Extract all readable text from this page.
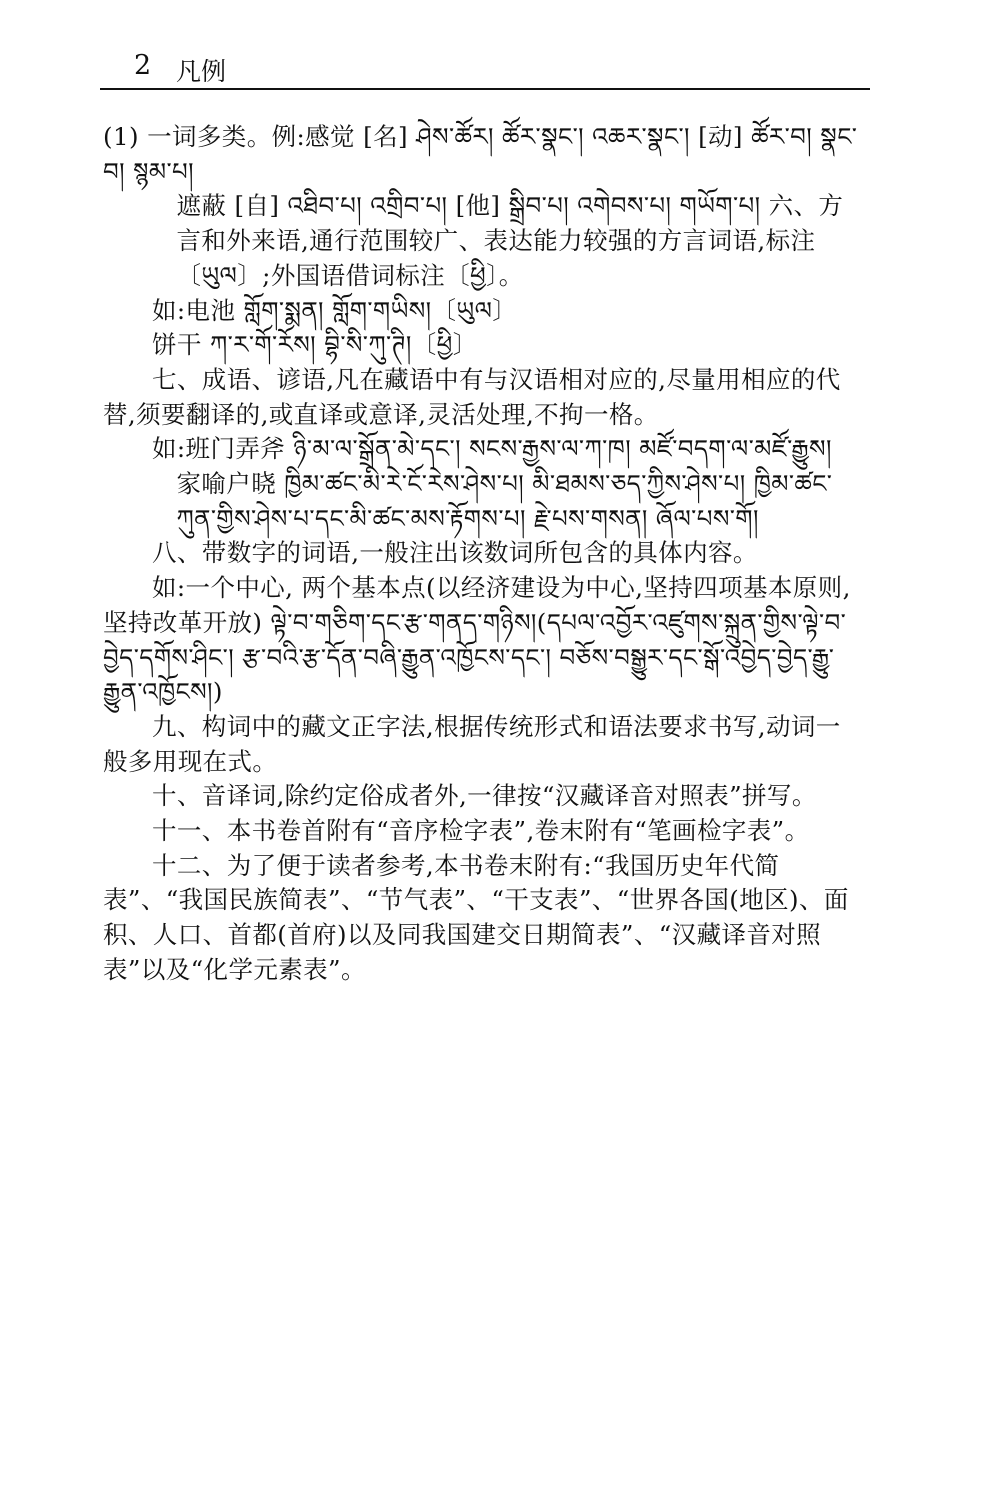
2 凡例

(1) 一词多类。例:感觉 [名] ཤེས་ཚོར། ཚོར་སྣང་། འཆར་སྣང་། [动] ཚོར་བ། སྣང་བ། སྙམ་པ།

遮蔽 [自] འཐིབ་པ། འགྲིབ་པ། [他] སྒྲིབ་པ། འགེབས་པ། གཡོག་པ། 六、方言和外来语,通行范围较广、表达能力较强的方言词语,标注〔ཡུལ〕;外国语借词标注〔ཕྱི〕。

如:电池 གློག་སྨན། གློག་གཡིས།〔ཡུལ〕

饼干 ཀ་ར་གོ་རོས། བྷི་སི་ཀུ་ཊི།〔ཕྱི〕

七、成语、谚语,凡在藏语中有与汉语相对应的,尽量用相应的代替,须要翻译的,或直译或意译,灵活处理,不拘一格。

如:班门弄斧 ཉི་མ་ལ་སྒྲོན་མེ་དང་། སངས་རྒྱས་ལ་ཀ་ཁ། མཛོ་བདག་ལ་མཛོ་རྒྱུས།

家喻户晓 ཁྱིམ་ཚང་མི་རེ་ངོ་རེས་ཤེས་པ། མི་ཐམས་ཅད་ཀྱིས་ཤེས་པ། ཁྱིམ་ཚང་ཀུན་གྱིས་ཤེས་པ་དང་མི་ཚང་མས་རྟོགས་པ། རྗེ་པས་གསན། ཞོལ་པས་གོ།

八、带数字的词语,一般注出该数词所包含的具体内容。

如:一个中心, 两个基本点(以经济建设为中心,坚持四项基本原则, 坚持改革开放) ལྟེ་བ་གཅིག་དང་རྩ་གནད་གཉིས།(དཔལ་འབྱོར་འཛུགས་སྐྲུན་གྱིས་ལྟེ་བ་བྱེད་དགོས་ཤིང་། རྩ་བའི་རྩ་དོན་བཞི་རྒྱུན་འཁྱོངས་དང་། བཅོས་བསྒྱུར་དང་སྒོ་འབྱེད་བྱེད་རྒྱུ་རྒྱུན་འཁྱོངས།)

九、构词中的藏文正字法,根据传统形式和语法要求书写,动词一般多用现在式。

十、音译词,除约定俗成者外,一律按“汉藏译音对照表”拼写。

十一、本书卷首附有“音序检字表”,卷末附有“笔画检字表”。

十二、为了便于读者参考,本书卷末附有:“我国历史年代简表”、“我国民族简表”、“节气表”、“干支表”、“世界各国(地区)、面积、人口、首都(首府)以及同我国建交日期简表”、“汉藏译音对照表”以及“化学元素表”。
